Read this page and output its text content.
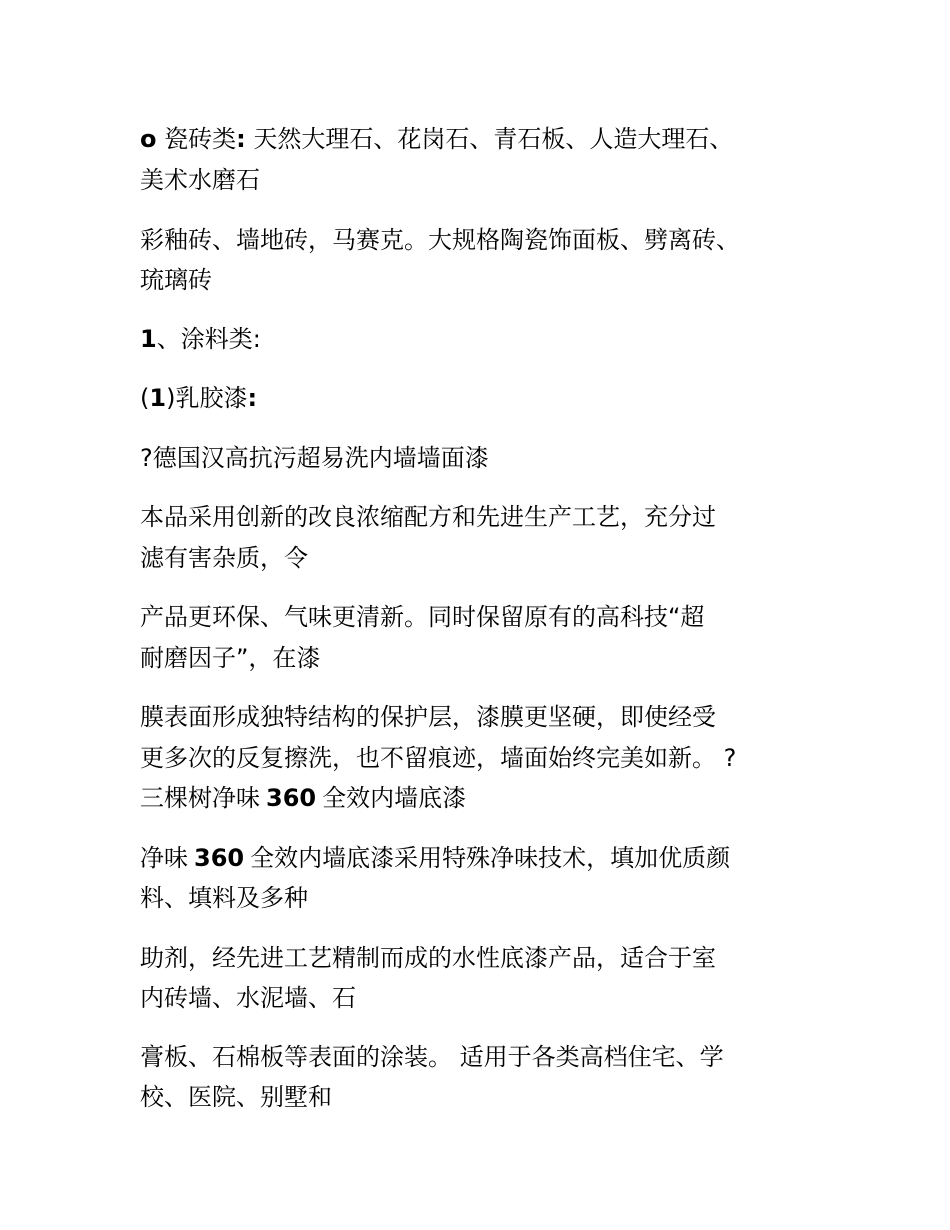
o 瓷砖类: 天然大理石、花岗石、青石板、人造大理石、
美术水磨石
彩釉砖、墙地砖，马赛克。大规格陶瓷饰面板、劈离砖、
琉璃砖
1、涂料类:
(1)乳胶漆:
?德国汉高抗污超易洗内墙墙面漆
本品采用创新的改良浓缩配方和先进生产工艺，充分过
滤有害杂质，令
产品更环保、气味更清新。同时保留原有的高科技“超
耐磨因子”，在漆
膜表面形成独特结构的保护层，漆膜更坚硬，即使经受
更多次的反复擦洗，也不留痕迹，墙面始终完美如新。 ?
三棵树净味 360 全效内墙底漆
净味 360 全效内墙底漆采用特殊净味技术，填加优质颜
料、填料及多种
助剂，经先进工艺精制而成的水性底漆产品，适合于室
内砖墙、水泥墙、石
膏板、石棉板等表面的涂装。 适用于各类高档住宅、学
校、医院、别墅和
